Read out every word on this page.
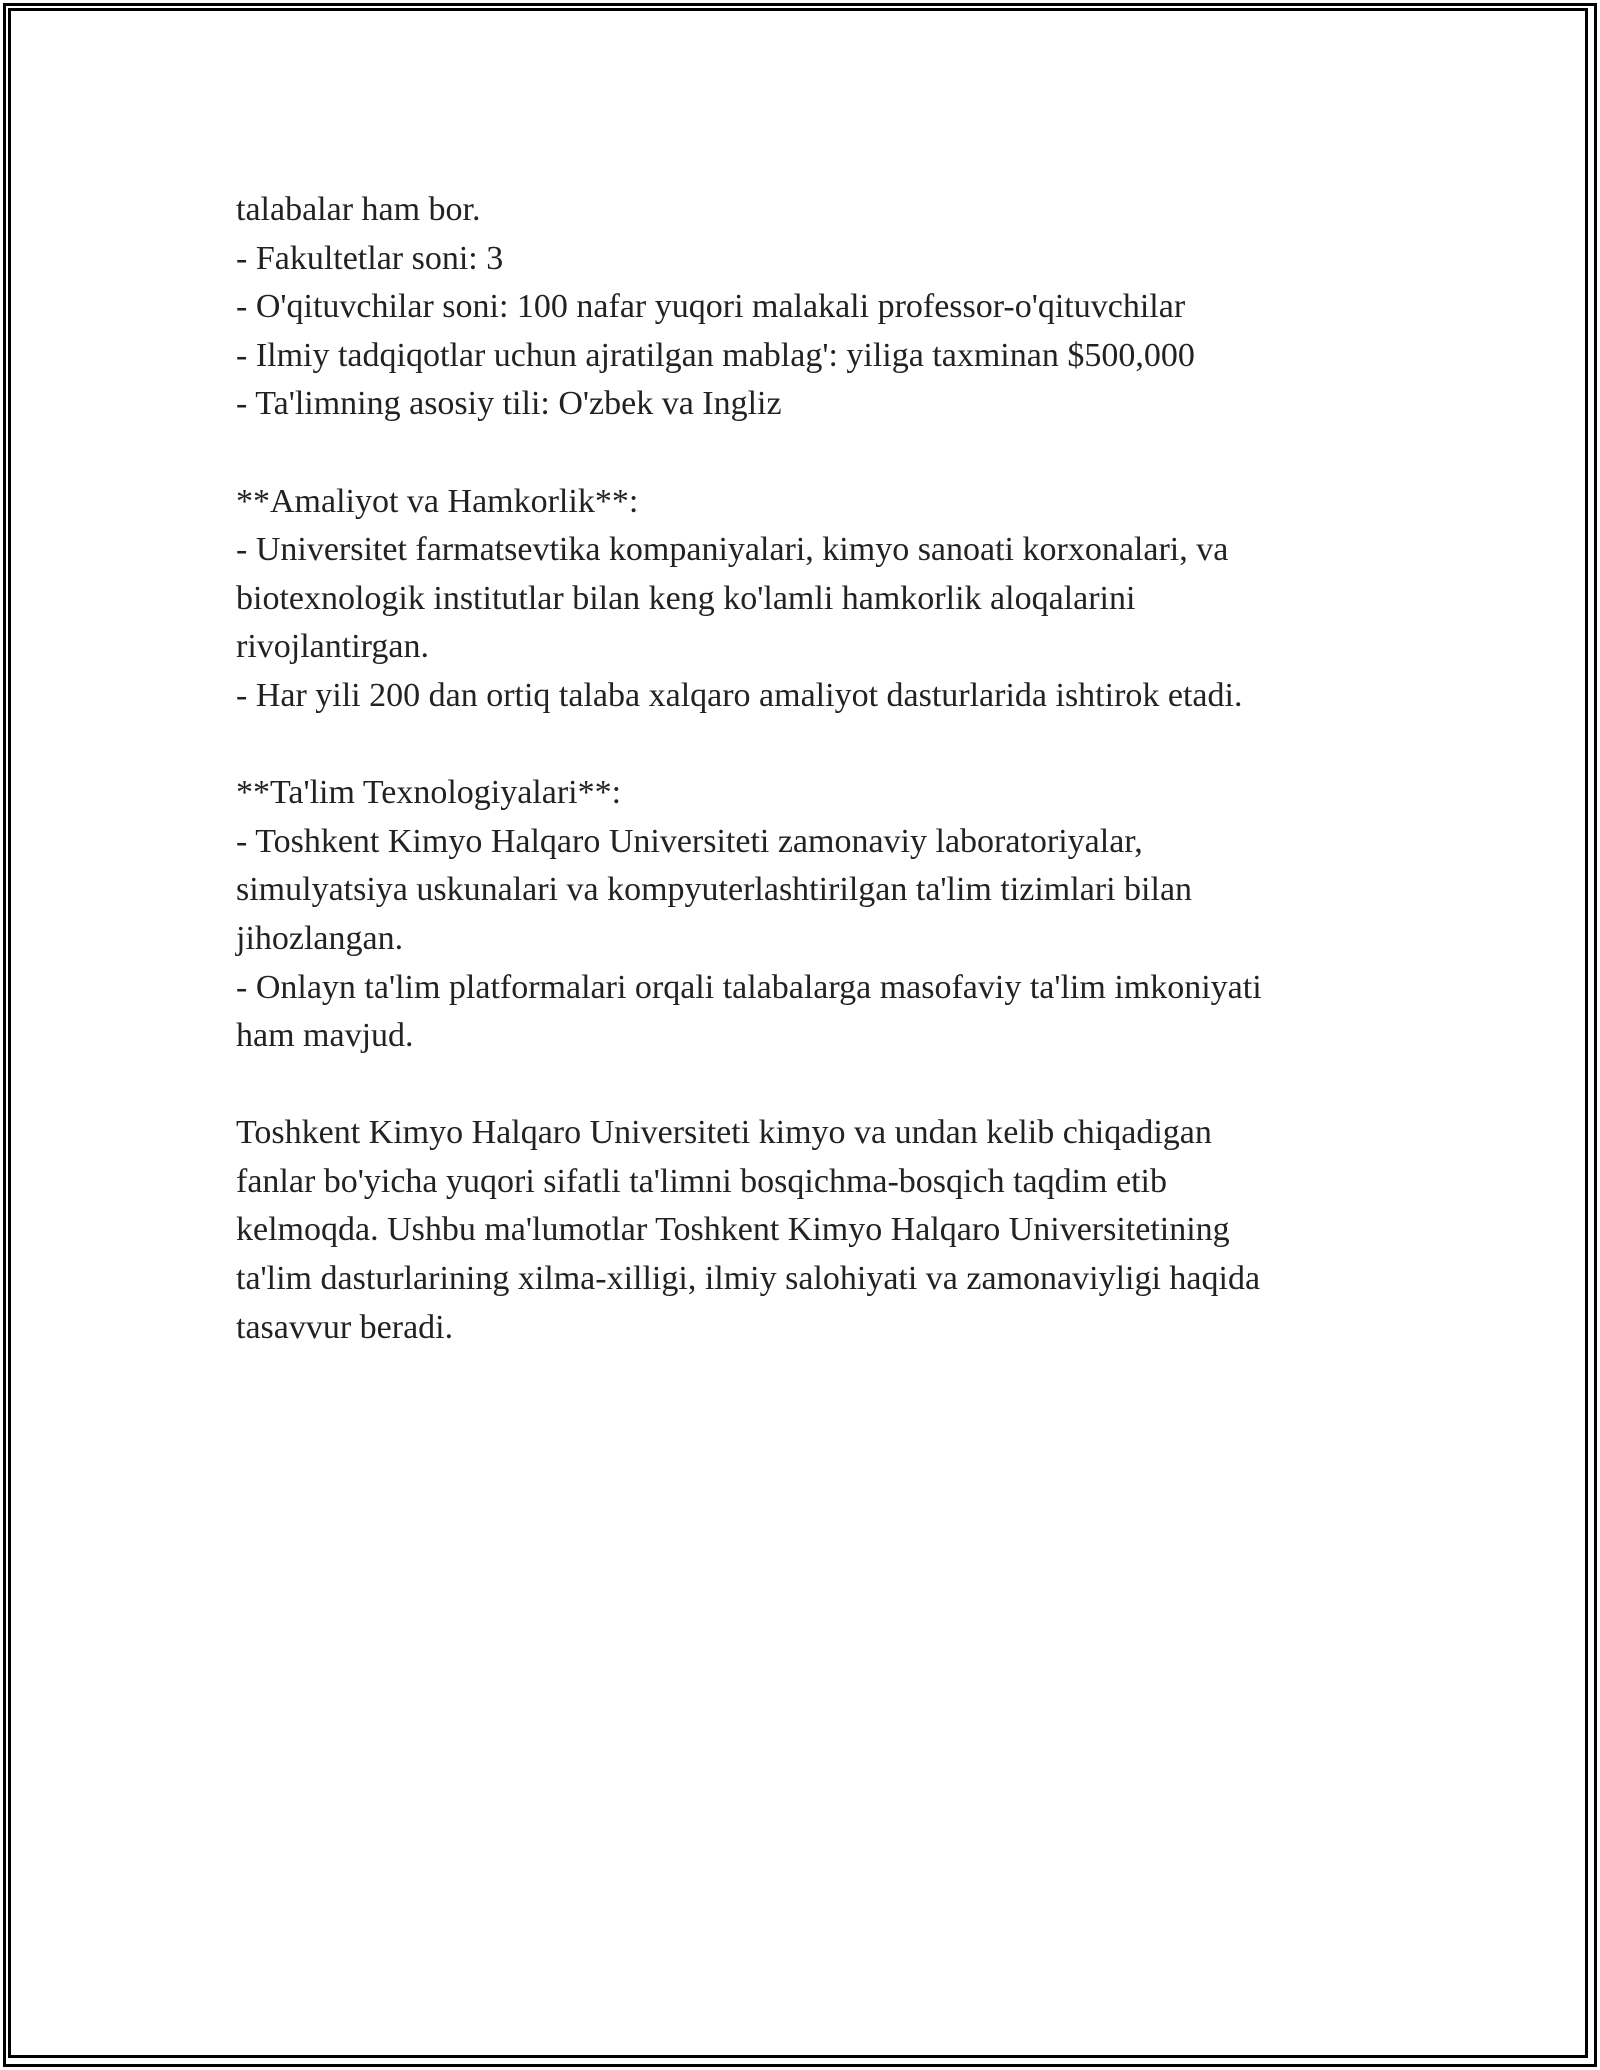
talabalar ham bor.
- Fakultetlar soni: 3
- O'qituvchilar soni: 100 nafar yuqori malakali professor-o'qituvchilar
- Ilmiy tadqiqotlar uchun ajratilgan mablag': yiliga taxminan $500,000
- Ta'limning asosiy tili: O'zbek va Ingliz
**Amaliyot va Hamkorlik**:
- Universitet farmatsevtika kompaniyalari, kimyo sanoati korxonalari, va
biotexnologik institutlar bilan keng ko'lamli hamkorlik aloqalarini
rivojlantirgan.
- Har yili 200 dan ortiq talaba xalqaro amaliyot dasturlarida ishtirok etadi.
**Ta'lim Texnologiyalari**:
- Toshkent Kimyo Halqaro Universiteti zamonaviy laboratoriyalar,
simulyatsiya uskunalari va kompyuterlashtirilgan ta'lim tizimlari bilan
jihozlangan.
- Onlayn ta'lim platformalari orqali talabalarga masofaviy ta'lim imkoniyati
ham mavjud.
Toshkent Kimyo Halqaro Universiteti kimyo va undan kelib chiqadigan
fanlar bo'yicha yuqori sifatli ta'limni bosqichma-bosqich taqdim etib
kelmoqda. Ushbu ma'lumotlar Toshkent Kimyo Halqaro Universitetining
ta'lim dasturlarining xilma-xilligi, ilmiy salohiyati va zamonaviyligi haqida
tasavvur beradi.
